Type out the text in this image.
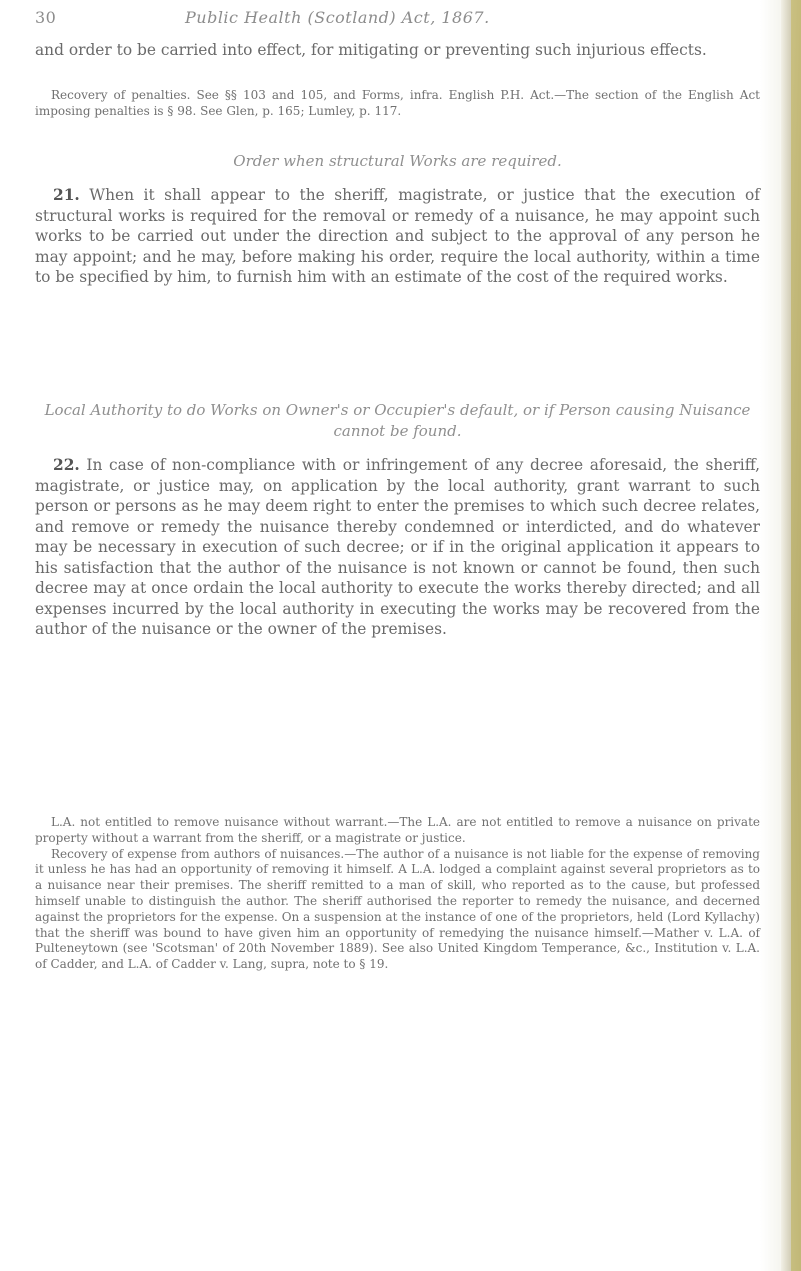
30	Public Health (Scotland) Act, 1867.

and order to be carried into effect, for mitigating or preventing such injurious effects.

Recovery of penalties. See §§ 103 and 105, and Forms, infra. English P.H. Act.—The section of the English Act imposing penalties is § 98. See Glen, p. 165; Lumley, p. 117.

Order when structural Works are required.

21. When it shall appear to the sheriff, magistrate, or justice that the execution of structural works is required for the removal or remedy of a nuisance, he may appoint such works to be carried out under the direction and subject to the approval of any person he may appoint; and he may, before making his order, require the local authority, within a time to be specified by him, to furnish him with an estimate of the cost of the required works.

Local Authority to do Works on Owner's or Occupier's default, or if Person causing Nuisance cannot be found.

22. In case of non-compliance with or infringement of any decree aforesaid, the sheriff, magistrate, or justice may, on application by the local authority, grant warrant to such person or persons as he may deem right to enter the premises to which such decree relates, and remove or remedy the nuisance thereby condemned or interdicted, and do whatever may be necessary in execution of such decree; or if in the original application it appears to his satisfaction that the author of the nuisance is not known or cannot be found, then such decree may at once ordain the local authority to execute the works thereby directed; and all expenses incurred by the local authority in executing the works may be recovered from the author of the nuisance or the owner of the premises.

L.A. not entitled to remove nuisance without warrant.—The L.A. are not entitled to remove a nuisance on private property without a warrant from the sheriff, or a magistrate or justice.

Recovery of expense from authors of nuisances.—The author of a nuisance is not liable for the expense of removing it unless he has had an opportunity of removing it himself. A L.A. lodged a complaint against several proprietors as to a nuisance near their premises. The sheriff remitted to a man of skill, who reported as to the cause, but professed himself unable to distinguish the author. The sheriff authorised the reporter to remedy the nuisance, and decerned against the proprietors for the expense. On a suspension at the instance of one of the proprietors, held (Lord Kyllachy) that the sheriff was bound to have given him an opportunity of remedying the nuisance himself.—Mather v. L.A. of Pulteneytown (see 'Scotsman' of 20th November 1889). See also United Kingdom Temperance, &c., Institution v. L.A. of Cadder, and L.A. of Cadder v. Lang, supra, note to § 19.
